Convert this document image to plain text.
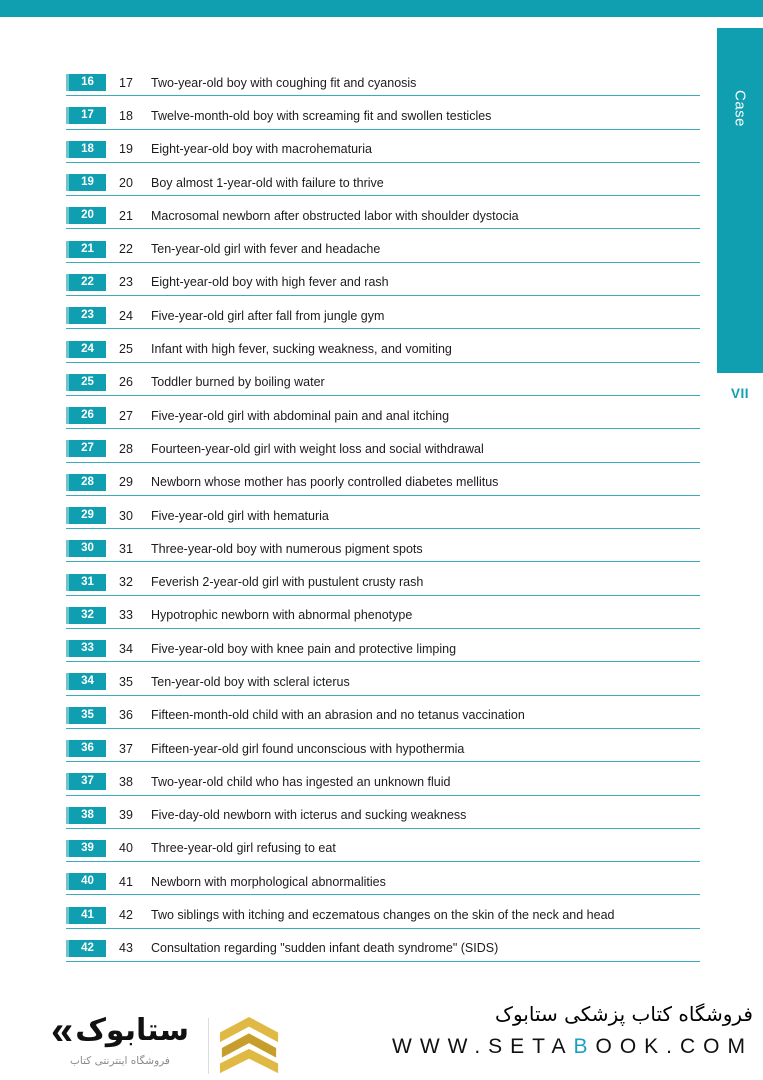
Case
VII
16	17	Two-year-old boy with coughing fit and cyanosis
17	18	Twelve-month-old boy with screaming fit and swollen testicles
18	19	Eight-year-old boy with macrohematuria
19	20	Boy almost 1-year-old with failure to thrive
20	21	Macrosomal newborn after obstructed labor with shoulder dystocia
21	22	Ten-year-old girl with fever and headache
22	23	Eight-year-old boy with high fever and rash
23	24	Five-year-old girl after fall from jungle gym
24	25	Infant with high fever, sucking weakness, and vomiting
25	26	Toddler burned by boiling water
26	27	Five-year-old girl with abdominal pain and anal itching
27	28	Fourteen-year-old girl with weight loss and social withdrawal
28	29	Newborn whose mother has poorly controlled diabetes mellitus
29	30	Five-year-old girl with hematuria
30	31	Three-year-old boy with numerous pigment spots
31	32	Feverish 2-year-old girl with pustulent crusty rash
32	33	Hypotrophic newborn with abnormal phenotype
33	34	Five-year-old boy with knee pain and protective limping
34	35	Ten-year-old boy with scleral icterus
35	36	Fifteen-month-old child with an abrasion and no tetanus vaccination
36	37	Fifteen-year-old girl found unconscious with hypothermia
37	38	Two-year-old child who has ingested an unknown fluid
38	39	Five-day-old newborn with icterus and sucking weakness
39	40	Three-year-old girl refusing to eat
40	41	Newborn with morphological abnormalities
41	42	Two siblings with itching and eczematous changes on the skin of the neck and head
42	43	Consultation regarding "sudden infant death syndrome" (SIDS)
« ستابوک
فروشگاه اینترنتی کتاب
فروشگاه کتاب پزشکی ستابوک
WWW.SETABOOK.COM
